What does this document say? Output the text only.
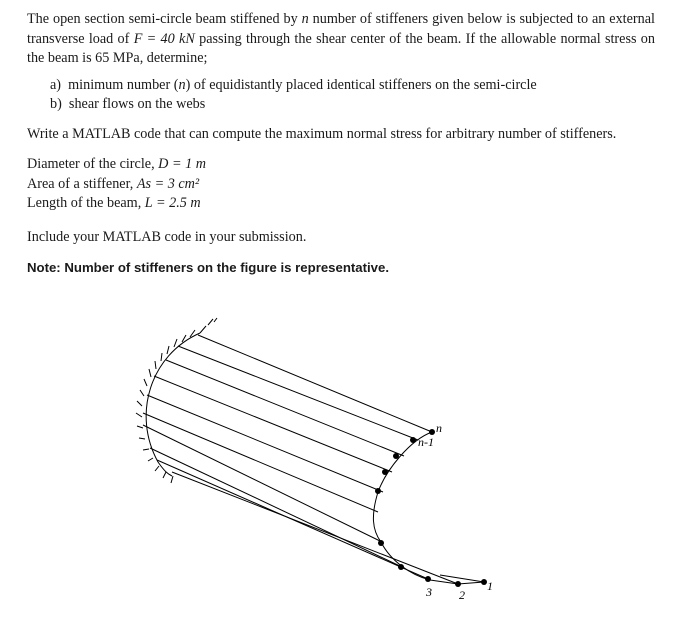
The open section semi-circle beam stiffened by n number of stiffeners given below is subjected to an external transverse load of F = 40 kN passing through the shear center of the beam. If the allowable normal stress on the beam is 65 MPa, determine;

a) minimum number (n) of equidistantly placed identical stiffeners on the semi-circle
b) shear flows on the webs

Write a MATLAB code that can compute the maximum normal stress for arbitrary number of stiffeners.

Diameter of the circle, D = 1 m

Area of a stiffener, As = 3 cm²

Length of the beam, L = 2.5 m

Include your MATLAB code in your submission.

Note: Number of stiffeners on the figure is representative.

n
n-1
3 2
1
